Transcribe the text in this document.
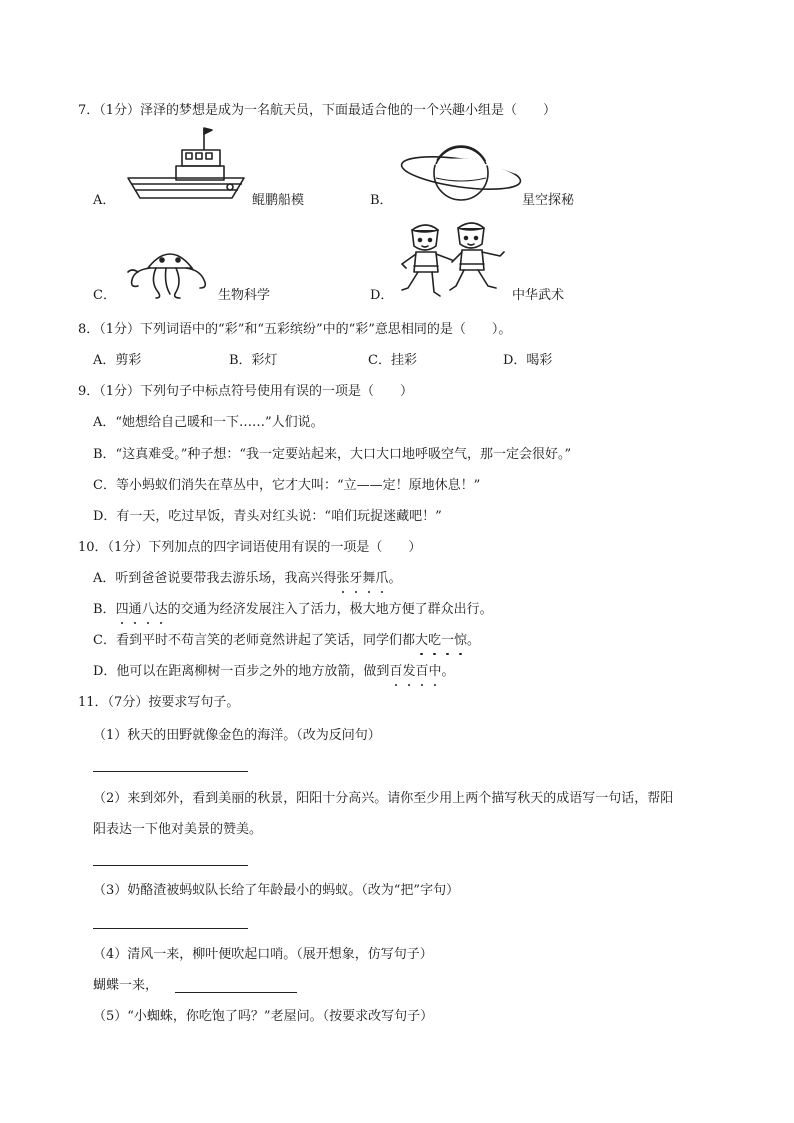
7．（1分）泽泽的梦想是成为一名航天员，下面最适合他的一个兴趣小组是（　　）
A．	鲲鹏船模	B．	星空探秘
C．	生物科学	D．	中华武术
8．（1分）下列词语中的“彩”和“五彩缤纷”中的“彩”意思相同的是（　　）。
A．剪彩	B．彩灯	C．挂彩	D．喝彩
9．（1分）下列句子中标点符号使用有误的一项是（　　）
A．“她想给自己暖和一下……”人们说。
B．“这真难受。”种子想：“我一定要站起来，大口大口地呼吸空气，那一定会很好。”
C．等小蚂蚁们消失在草丛中，它才大叫：“立——定！原地休息！”
D．有一天，吃过早饭，青头对红头说：“咱们玩捉迷藏吧！”
10．（1分）下列加点的四字词语使用有误的一项是（　　）
A．听到爸爸说要带我去游乐场，我高兴得张牙舞爪。
B．四通八达的交通为经济发展注入了活力，极大地方便了群众出行。
C．看到平时不苟言笑的老师竟然讲起了笑话，同学们都大吃一惊。
D．他可以在距离柳树一百步之外的地方放箭，做到百发百中。
11．（7分）按要求写句子。
（1）秋天的田野就像金色的海洋。（改为反问句）
（2）来到郊外，看到美丽的秋景，阳阳十分高兴。请你至少用上两个描写秋天的成语写一句话，帮阳
阳表达一下他对美景的赞美。
（3）奶酪渣被蚂蚁队长给了年龄最小的蚂蚁。（改为“把”字句）
（4）清风一来，柳叶便吹起口哨。（展开想象，仿写句子）
蝴蝶一来，
（5）“小蜘蛛，你吃饱了吗？”老屋问。（按要求改写句子）
